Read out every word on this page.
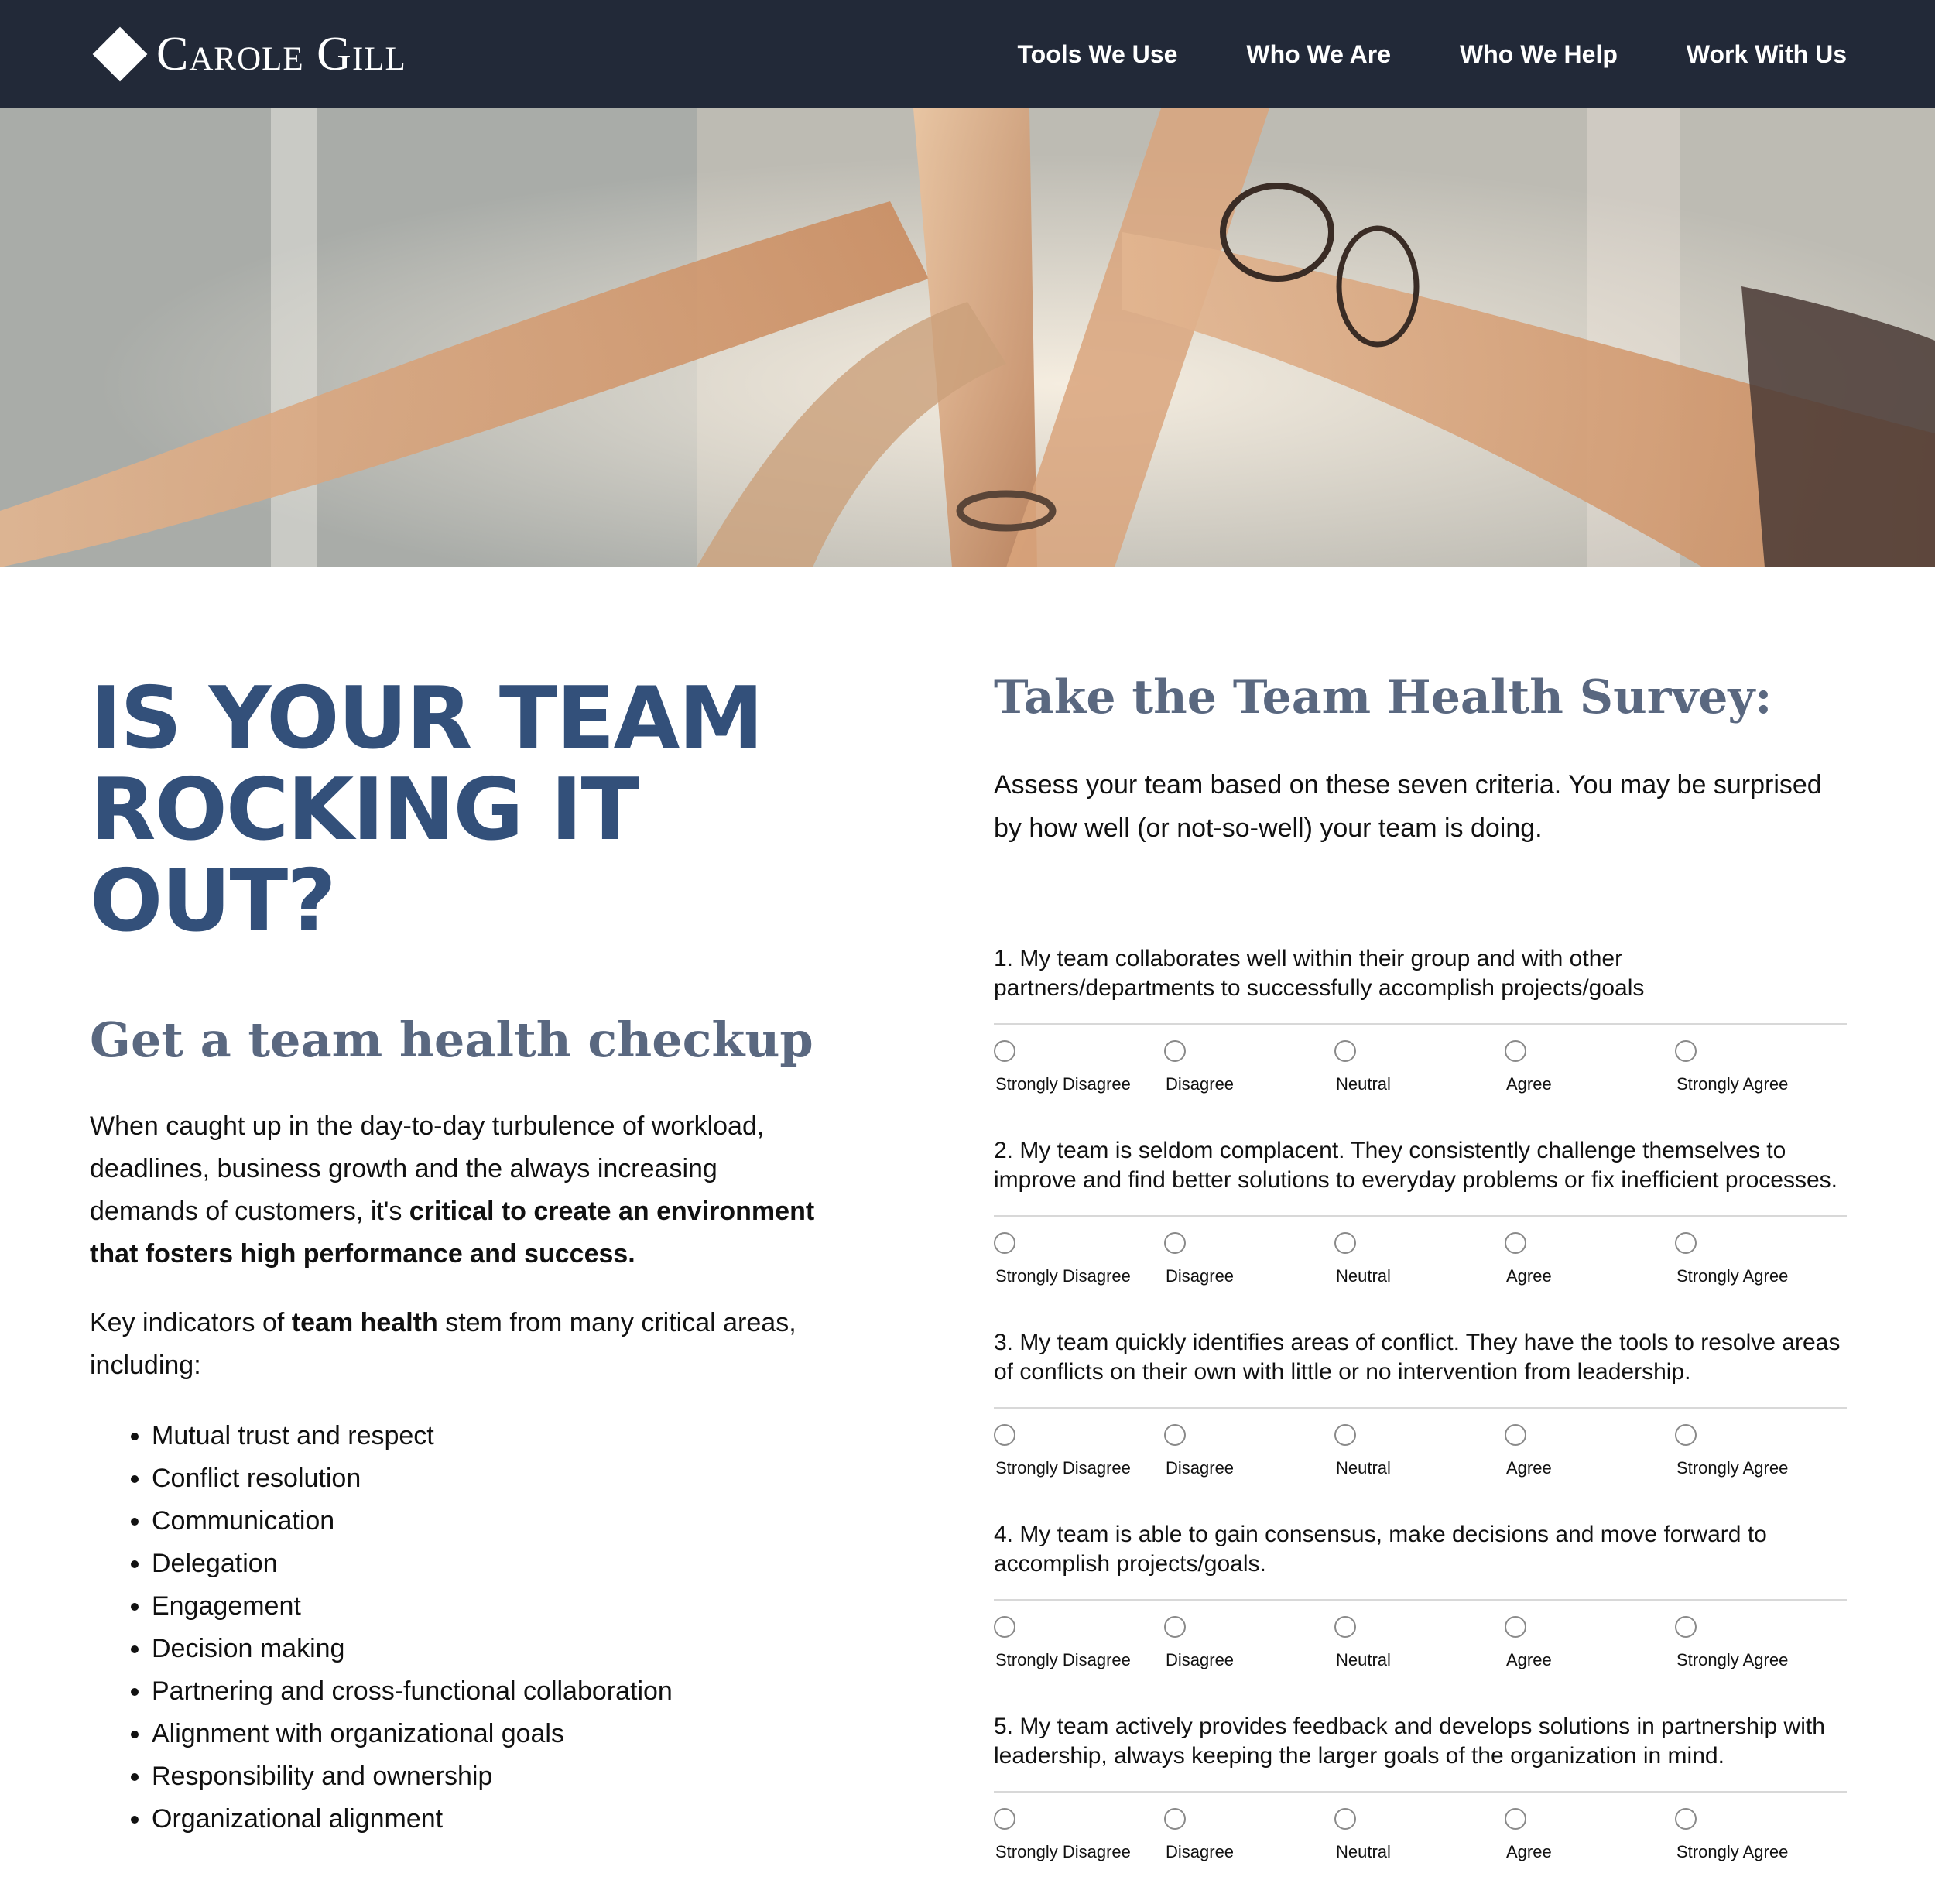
Carole Gill	Tools We Use	Who We Are	Who We Help	Work With Us
IS YOUR TEAM
ROCKING IT
OUT?
Get a team health checkup

When caught up in the day-to-day turbulence of workload, deadlines, business growth and the always increasing demands of customers, it's critical to create an environment that fosters high performance and success.

Key indicators of team health stem from many critical areas, including:

• Mutual trust and respect
• Conflict resolution
• Communication
• Delegation
• Engagement
• Decision making
• Partnering and cross-functional collaboration
• Alignment with organizational goals
• Responsibility and ownership
• Organizational alignment
Take the Team Health Survey:

Assess your team based on these seven criteria. You may be surprised by how well (or not-so-well) your team is doing.

1. My team collaborates well within their group and with other partners/departments to successfully accomplish projects/goals
Strongly Disagree Disagree	Neutral	Agree	Strongly Agree
2. My team is seldom complacent. They consistently challenge themselves to improve and find better solutions to everyday problems or fix inefficient processes.
Strongly Disagree Disagree	Neutral	Agree	Strongly Agree
3. My team quickly identifies areas of conflict. They have the tools to resolve areas of conflicts on their own with little or no intervention from leadership.
Strongly Disagree Disagree	Neutral	Agree	Strongly Agree
4. My team is able to gain consensus, make decisions and move forward to accomplish projects/goals.
Strongly Disagree Disagree	Neutral	Agree	Strongly Agree
5. My team actively provides feedback and develops solutions in partnership with leadership, always keeping the larger goals of the organization in mind.
Strongly Disagree Disagree	Neutral	Agree	Strongly Agree
